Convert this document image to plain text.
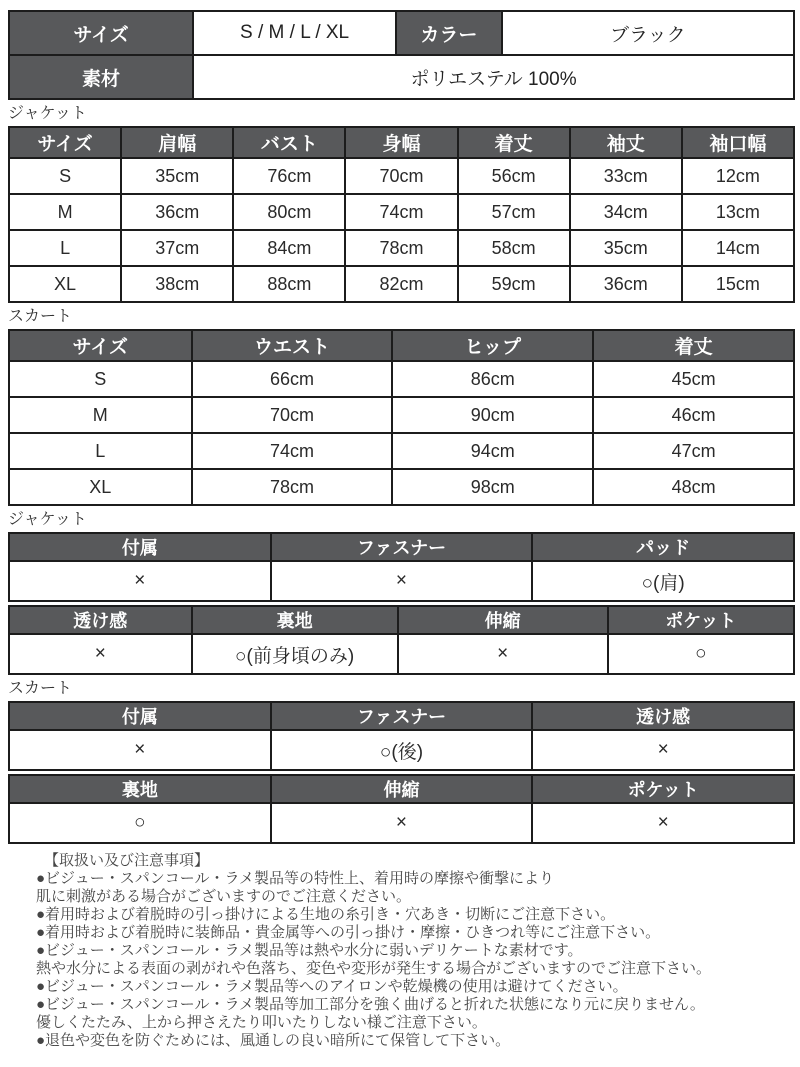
サイズ	S / M / L / XL	カラー	ブラック
素材	ポリエステル 100%		
ジャケット
サイズ	肩幅	バスト	身幅	着丈	袖丈	袖口幅
S	35cm	76cm	70cm	56cm	33cm	12cm
M	36cm	80cm	74cm	57cm	34cm	13cm
L	37cm	84cm	78cm	58cm	35cm	14cm
XL	38cm	88cm	82cm	59cm	36cm	15cm
スカート
サイズ	ウエスト	ヒップ	着丈
S	66cm	86cm	45cm
M	70cm	90cm	46cm
L	74cm	94cm	47cm
XL	78cm	98cm	48cm
ジャケット
付属	ファスナー	パッド
×	×	○(肩)
透け感	裏地	伸縮	ポケット
×	○(前身頃のみ)	×	○
スカート
付属	ファスナー	透け感
×	○(後)	×
裏地	伸縮	ポケット
○	×	×
【取扱い及び注意事項】
●ビジュー・スパンコール・ラメ製品等の特性上、着用時の摩擦や衝撃により
肌に刺激がある場合がございますのでご注意ください。
●着用時および着脱時の引っ掛けによる生地の糸引き・穴あき・切断にご注意下さい。
●着用時および着脱時に装飾品・貴金属等への引っ掛け・摩擦・ひきつれ等にご注意下さい。
●ビジュー・スパンコール・ラメ製品等は熱や水分に弱いデリケートな素材です。
熱や水分による表面の剥がれや色落ち、変色や変形が発生する場合がございますのでご注意下さい。
●ビジュー・スパンコール・ラメ製品等へのアイロンや乾燥機の使用は避けてください。
●ビジュー・スパンコール・ラメ製品等加工部分を強く曲げると折れた状態になり元に戻りません。
優しくたたみ、上から押さえたり叩いたりしない様ご注意下さい。
●退色や変色を防ぐためには、風通しの良い暗所にて保管して下さい。
